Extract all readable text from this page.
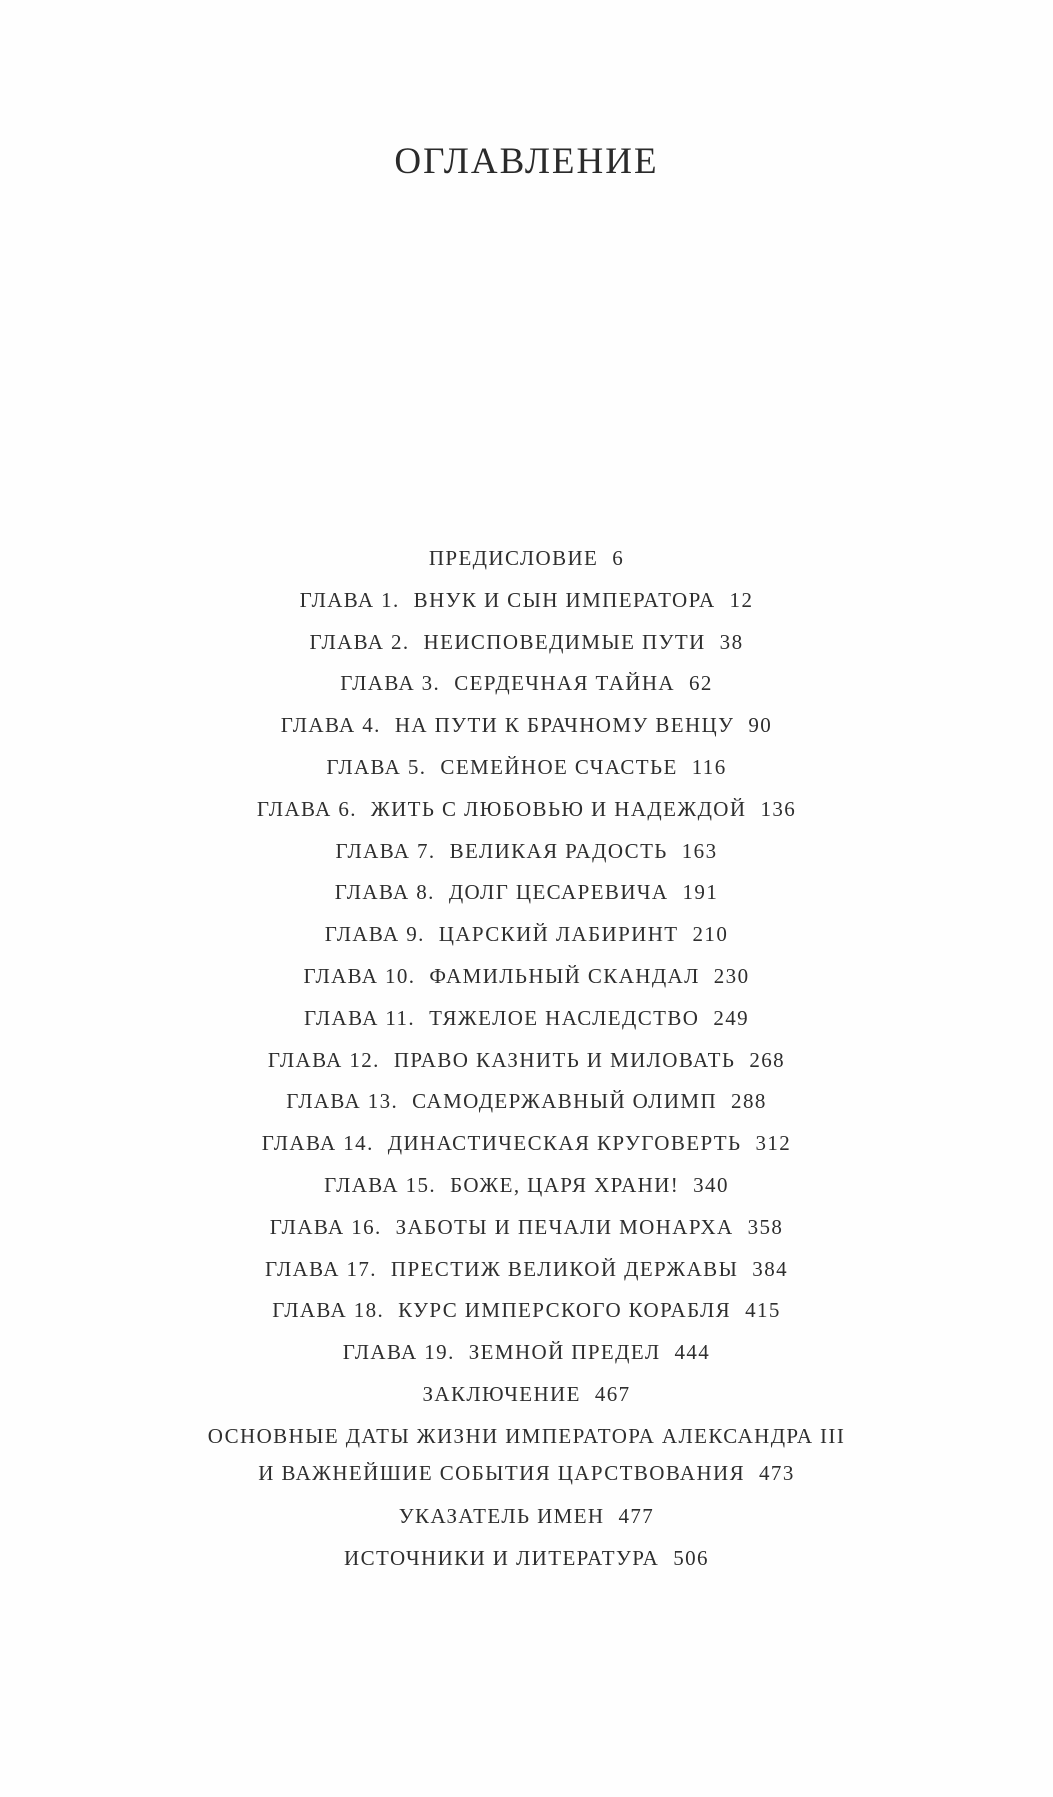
ОГЛАВЛЕНИЕ
ПРЕДИСЛОВИЕ 6
ГЛАВА 1. ВНУК И СЫН ИМПЕРАТОРА 12
ГЛАВА 2. НЕИСПОВЕДИМЫЕ ПУТИ 38
ГЛАВА 3. СЕРДЕЧНАЯ ТАЙНА 62
ГЛАВА 4. НА ПУТИ К БРАЧНОМУ ВЕНЦУ 90
ГЛАВА 5. СЕМЕЙНОЕ СЧАСТЬЕ 116
ГЛАВА 6. ЖИТЬ С ЛЮБОВЬЮ И НАДЕЖДОЙ 136
ГЛАВА 7. ВЕЛИКАЯ РАДОСТЬ 163
ГЛАВА 8. ДОЛГ ЦЕСАРЕВИЧА 191
ГЛАВА 9. ЦАРСКИЙ ЛАБИРИНТ 210
ГЛАВА 10. ФАМИЛЬНЫЙ СКАНДАЛ 230
ГЛАВА 11. ТЯЖЕЛОЕ НАСЛЕДСТВО 249
ГЛАВА 12. ПРАВО КАЗНИТЬ И МИЛОВАТЬ 268
ГЛАВА 13. САМОДЕРЖАВНЫЙ ОЛИМП 288
ГЛАВА 14. ДИНАСТИЧЕСКАЯ КРУГОВЕРТЬ 312
ГЛАВА 15. БОЖЕ, ЦАРЯ ХРАНИ! 340
ГЛАВА 16. ЗАБОТЫ И ПЕЧАЛИ МОНАРХА 358
ГЛАВА 17. ПРЕСТИЖ ВЕЛИКОЙ ДЕРЖАВЫ 384
ГЛАВА 18. КУРС ИМПЕРСКОГО КОРАБЛЯ 415
ГЛАВА 19. ЗЕМНОЙ ПРЕДЕЛ 444
ЗАКЛЮЧЕНИЕ 467
ОСНОВНЫЕ ДАТЫ ЖИЗНИ ИМПЕРАТОРА АЛЕКСАНДРА III
И ВАЖНЕЙШИЕ СОБЫТИЯ ЦАРСТВОВАНИЯ 473
УКАЗАТЕЛЬ ИМЕН 477
ИСТОЧНИКИ И ЛИТЕРАТУРА 506
